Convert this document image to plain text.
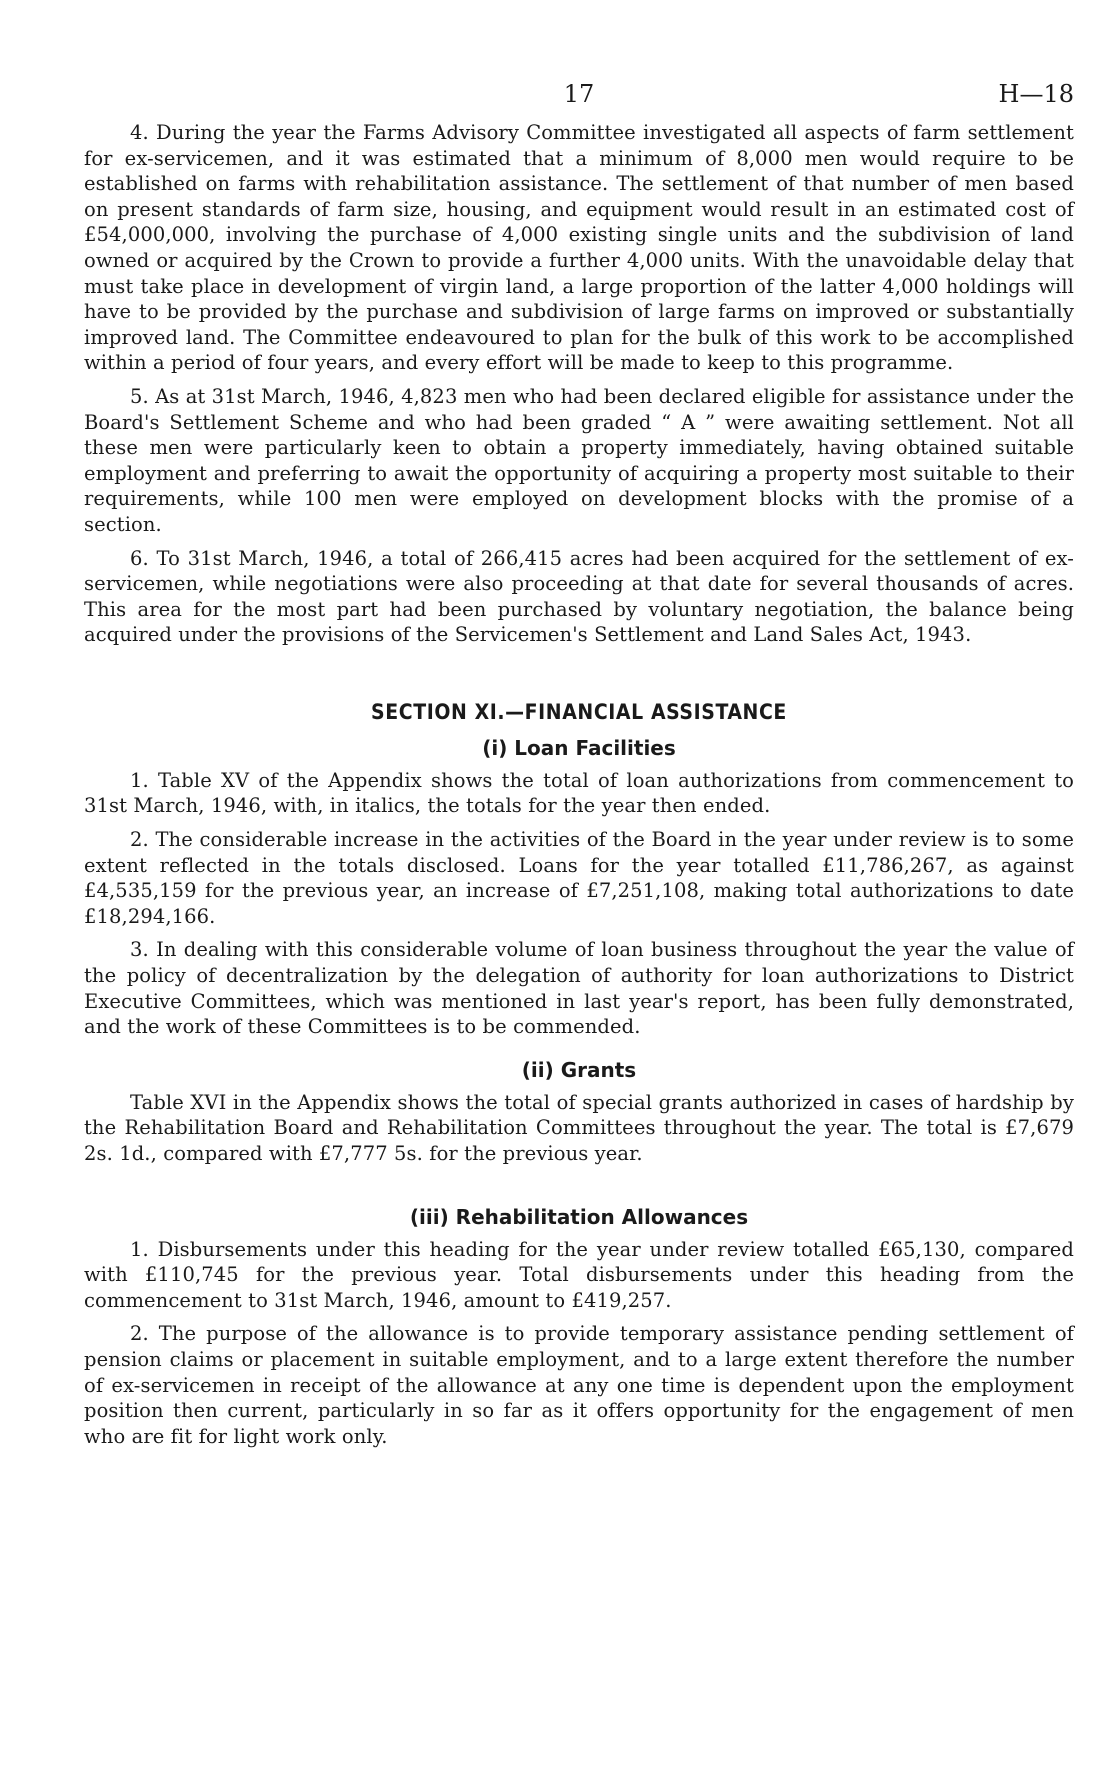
17	H—18

4. During the year the Farms Advisory Committee investigated all aspects of farm settlement for ex-servicemen, and it was estimated that a minimum of 8,000 men would require to be established on farms with rehabilitation assistance. The settlement of that number of men based on present standards of farm size, housing, and equipment would result in an estimated cost of £54,000,000, involving the purchase of 4,000 existing single units and the subdivision of land owned or acquired by the Crown to provide a further 4,000 units. With the unavoidable delay that must take place in development of virgin land, a large proportion of the latter 4,000 holdings will have to be provided by the purchase and subdivision of large farms on improved or substantially improved land. The Committee endeavoured to plan for the bulk of this work to be accomplished within a period of four years, and every effort will be made to keep to this programme.

5. As at 31st March, 1946, 4,823 men who had been declared eligible for assistance under the Board's Settlement Scheme and who had been graded “ A ” were awaiting settlement. Not all these men were particularly keen to obtain a property immediately, having obtained suitable employment and preferring to await the opportunity of acquiring a property most suitable to their requirements, while 100 men were employed on development blocks with the promise of a section.

6. To 31st March, 1946, a total of 266,415 acres had been acquired for the settlement of ex-servicemen, while negotiations were also proceeding at that date for several thousands of acres. This area for the most part had been purchased by voluntary negotiation, the balance being acquired under the provisions of the Servicemen's Settlement and Land Sales Act, 1943.

SECTION XI.—FINANCIAL ASSISTANCE
(i) Loan Facilities

1. Table XV of the Appendix shows the total of loan authorizations from commencement to 31st March, 1946, with, in italics, the totals for the year then ended.

2. The considerable increase in the activities of the Board in the year under review is to some extent reflected in the totals disclosed. Loans for the year totalled £11,786,267, as against £4,535,159 for the previous year, an increase of £7,251,108, making total authorizations to date £18,294,166.

3. In dealing with this considerable volume of loan business throughout the year the value of the policy of decentralization by the delegation of authority for loan authorizations to District Executive Committees, which was mentioned in last year's report, has been fully demonstrated, and the work of these Committees is to be commended.

(ii) Grants

Table XVI in the Appendix shows the total of special grants authorized in cases of hardship by the Rehabilitation Board and Rehabilitation Committees throughout the year. The total is £7,679 2s. 1d., compared with £7,777 5s. for the previous year.

(iii) Rehabilitation Allowances

1. Disbursements under this heading for the year under review totalled £65,130, compared with £110,745 for the previous year. Total disbursements under this heading from the commencement to 31st March, 1946, amount to £419,257.

2. The purpose of the allowance is to provide temporary assistance pending settlement of pension claims or placement in suitable employment, and to a large extent therefore the number of ex-servicemen in receipt of the allowance at any one time is dependent upon the employment position then current, particularly in so far as it offers opportunity for the engagement of men who are fit for light work only.
